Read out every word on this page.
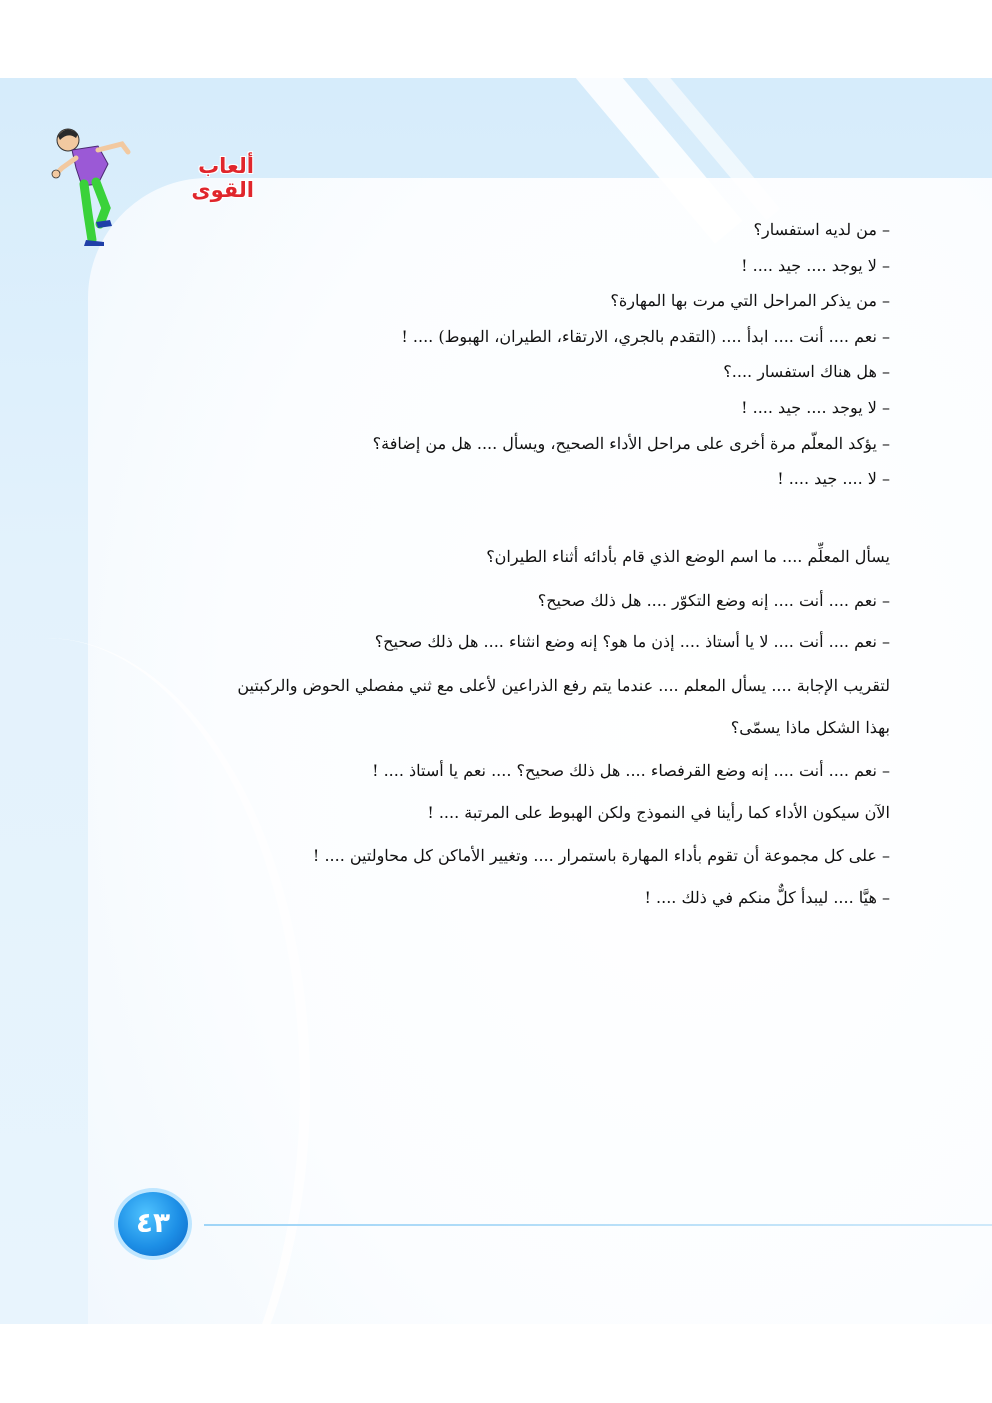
ألعاب القوى
– من لديه استفسار؟
– لا يوجد .... جيد .... !
– من يذكر المراحل التي مرت بها المهارة؟
– نعم .... أنت .... ابدأ .... (التقدم بالجري، الارتقاء، الطيران، الهبوط) .... !
– هل هناك استفسار ....؟
– لا يوجد .... جيد .... !
– يؤكد المعلّم مرة أخرى على مراحل الأداء الصحيح، ويسأل .... هل من إضافة؟
– لا .... جيد .... !
يسأل المعلِّم .... ما اسم الوضع الذي قام بأدائه أثناء الطيران؟
– نعم .... أنت .... إنه وضع التكوّر .... هل ذلك صحيح؟
– نعم .... أنت .... لا يا أستاذ .... إذن ما هو؟ إنه وضع انثناء .... هل ذلك صحيح؟
لتقريب الإجابة .... يسأل المعلم .... عندما يتم رفع الذراعين لأعلى مع ثني مفصلي الحوض والركبتين
بهذا الشكل ماذا يسمّى؟
– نعم .... أنت .... إنه وضع القرفصاء .... هل ذلك صحيح؟ .... نعم يا أستاذ .... !
الآن سيكون الأداء كما رأينا في النموذج ولكن الهبوط على المرتبة .... !
– على كل مجموعة أن تقوم بأداء المهارة باستمرار .... وتغيير الأماكن كل محاولتين .... !
– هيَّا .... ليبدأ كلٌّ منكم في ذلك .... !
٤٣
